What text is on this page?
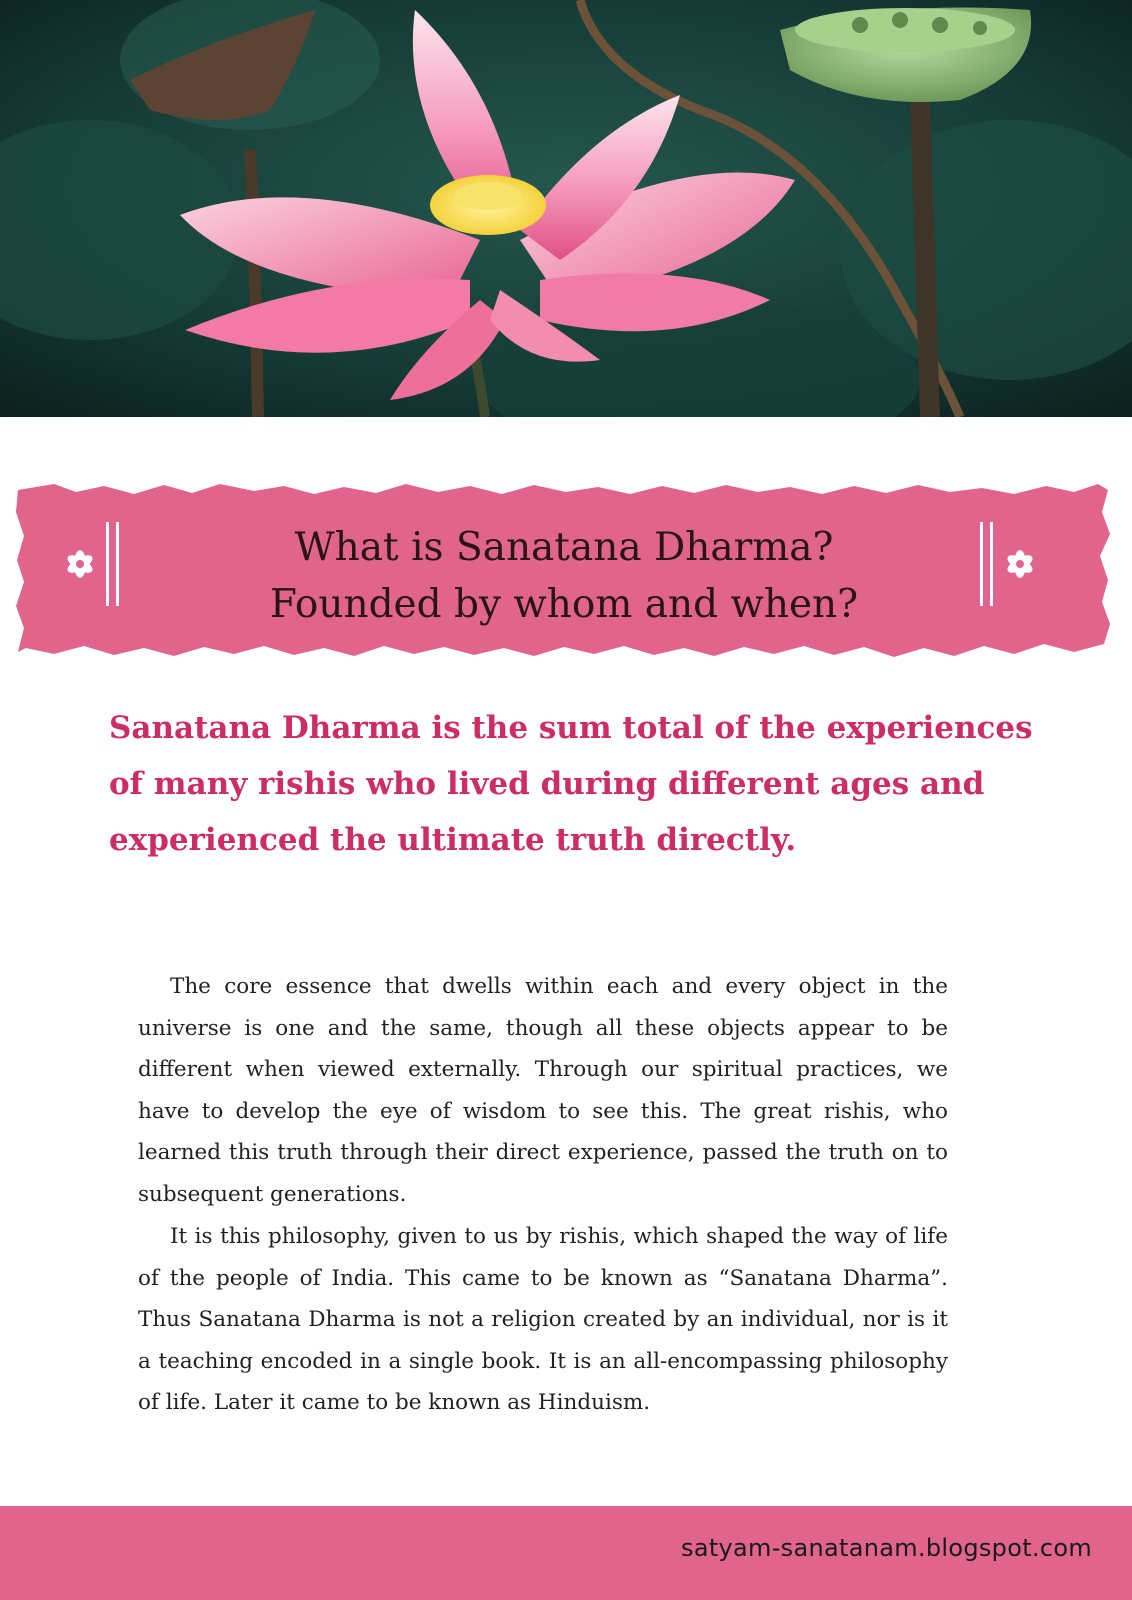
What is Sanatana Dharma?
Founded by whom and when?
Sanatana Dharma is the sum total of the experiences
of many rishis who lived during different ages and
experienced the ultimate truth directly.

The core essence that dwells within each and every object in the universe is one and the same, though all these objects appear to be different when viewed externally. Through our spiritual practices, we have to develop the eye of wisdom to see this. The great rishis, who learned this truth through their direct experience, passed the truth on to subsequent generations.

It is this philosophy, given to us by rishis, which shaped the way of life of the people of India. This came to be known as “Sanatana Dharma”. Thus Sanatana Dharma is not a religion created by an individual, nor is it a teaching encoded in a single book. It is an all-encompassing philosophy of life. Later it came to be known as Hinduism.

satyam-sanatanam.blogspot.com
